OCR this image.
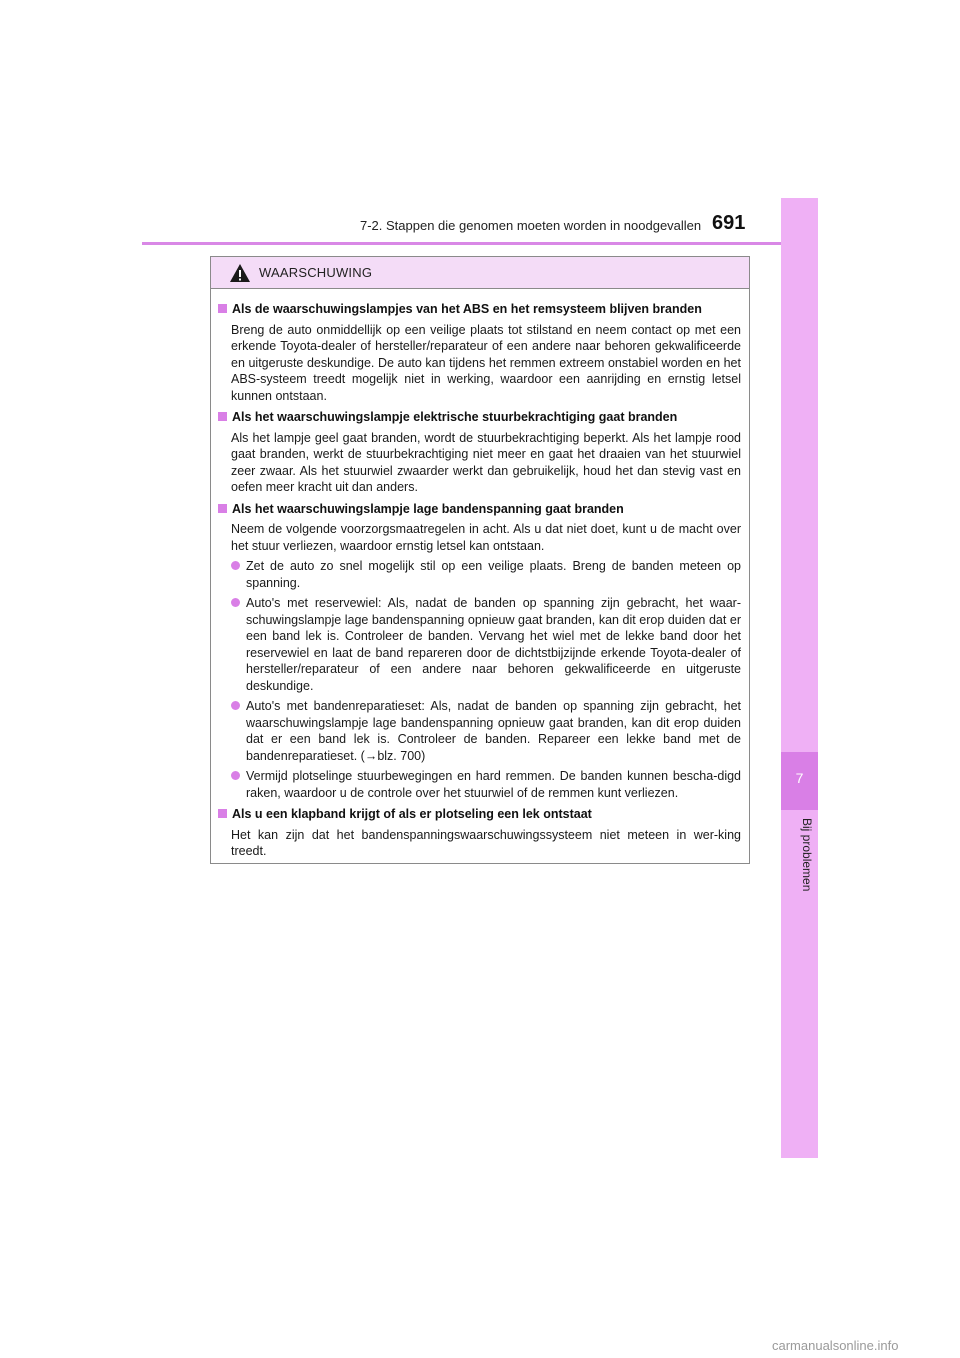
7-2. Stappen die genomen moeten worden in noodgevallen 691
7
Bij problemen
WAARSCHUWING
Als de waarschuwingslampjes van het ABS en het remsysteem blijven branden
Breng de auto onmiddellijk op een veilige plaats tot stilstand en neem contact op met een erkende Toyota-dealer of hersteller/reparateur of een andere naar behoren gekwalificeerde en uitgeruste deskundige. De auto kan tijdens het remmen extreem onstabiel worden en het ABS-systeem treedt mogelijk niet in werking, waardoor een aanrijding en ernstig letsel kunnen ontstaan.
Als het waarschuwingslampje elektrische stuurbekrachtiging gaat branden
Als het lampje geel gaat branden, wordt de stuurbekrachtiging beperkt. Als het lampje rood gaat branden, werkt de stuurbekrachtiging niet meer en gaat het draaien van het stuurwiel zeer zwaar. Als het stuurwiel zwaarder werkt dan gebruikelijk, houd het dan stevig vast en oefen meer kracht uit dan anders.
Als het waarschuwingslampje lage bandenspanning gaat branden
Neem de volgende voorzorgsmaatregelen in acht. Als u dat niet doet, kunt u de macht over het stuur verliezen, waardoor ernstig letsel kan ontstaan.
Zet de auto zo snel mogelijk stil op een veilige plaats. Breng de banden meteen op spanning.
Auto's met reservewiel: Als, nadat de banden op spanning zijn gebracht, het waar-schuwingslampje lage bandenspanning opnieuw gaat branden, kan dit erop duiden dat er een band lek is. Controleer de banden. Vervang het wiel met de lekke band door het reservewiel en laat de band repareren door de dichtstbijzijnde erkende Toyota-dealer of hersteller/reparateur of een andere naar behoren gekwalificeerde en uitgeruste deskundige.
Auto's met bandenreparatieset: Als, nadat de banden op spanning zijn gebracht, het waarschuwingslampje lage bandenspanning opnieuw gaat branden, kan dit erop duiden dat er een band lek is. Controleer de banden. Repareer een lekke band met de bandenreparatieset. (→blz. 700)
Vermijd plotselinge stuurbewegingen en hard remmen. De banden kunnen bescha-digd raken, waardoor u de controle over het stuurwiel of de remmen kunt verliezen.
Als u een klapband krijgt of als er plotseling een lek ontstaat
Het kan zijn dat het bandenspanningswaarschuwingssysteem niet meteen in wer-king treedt.
carmanualsonline.info
